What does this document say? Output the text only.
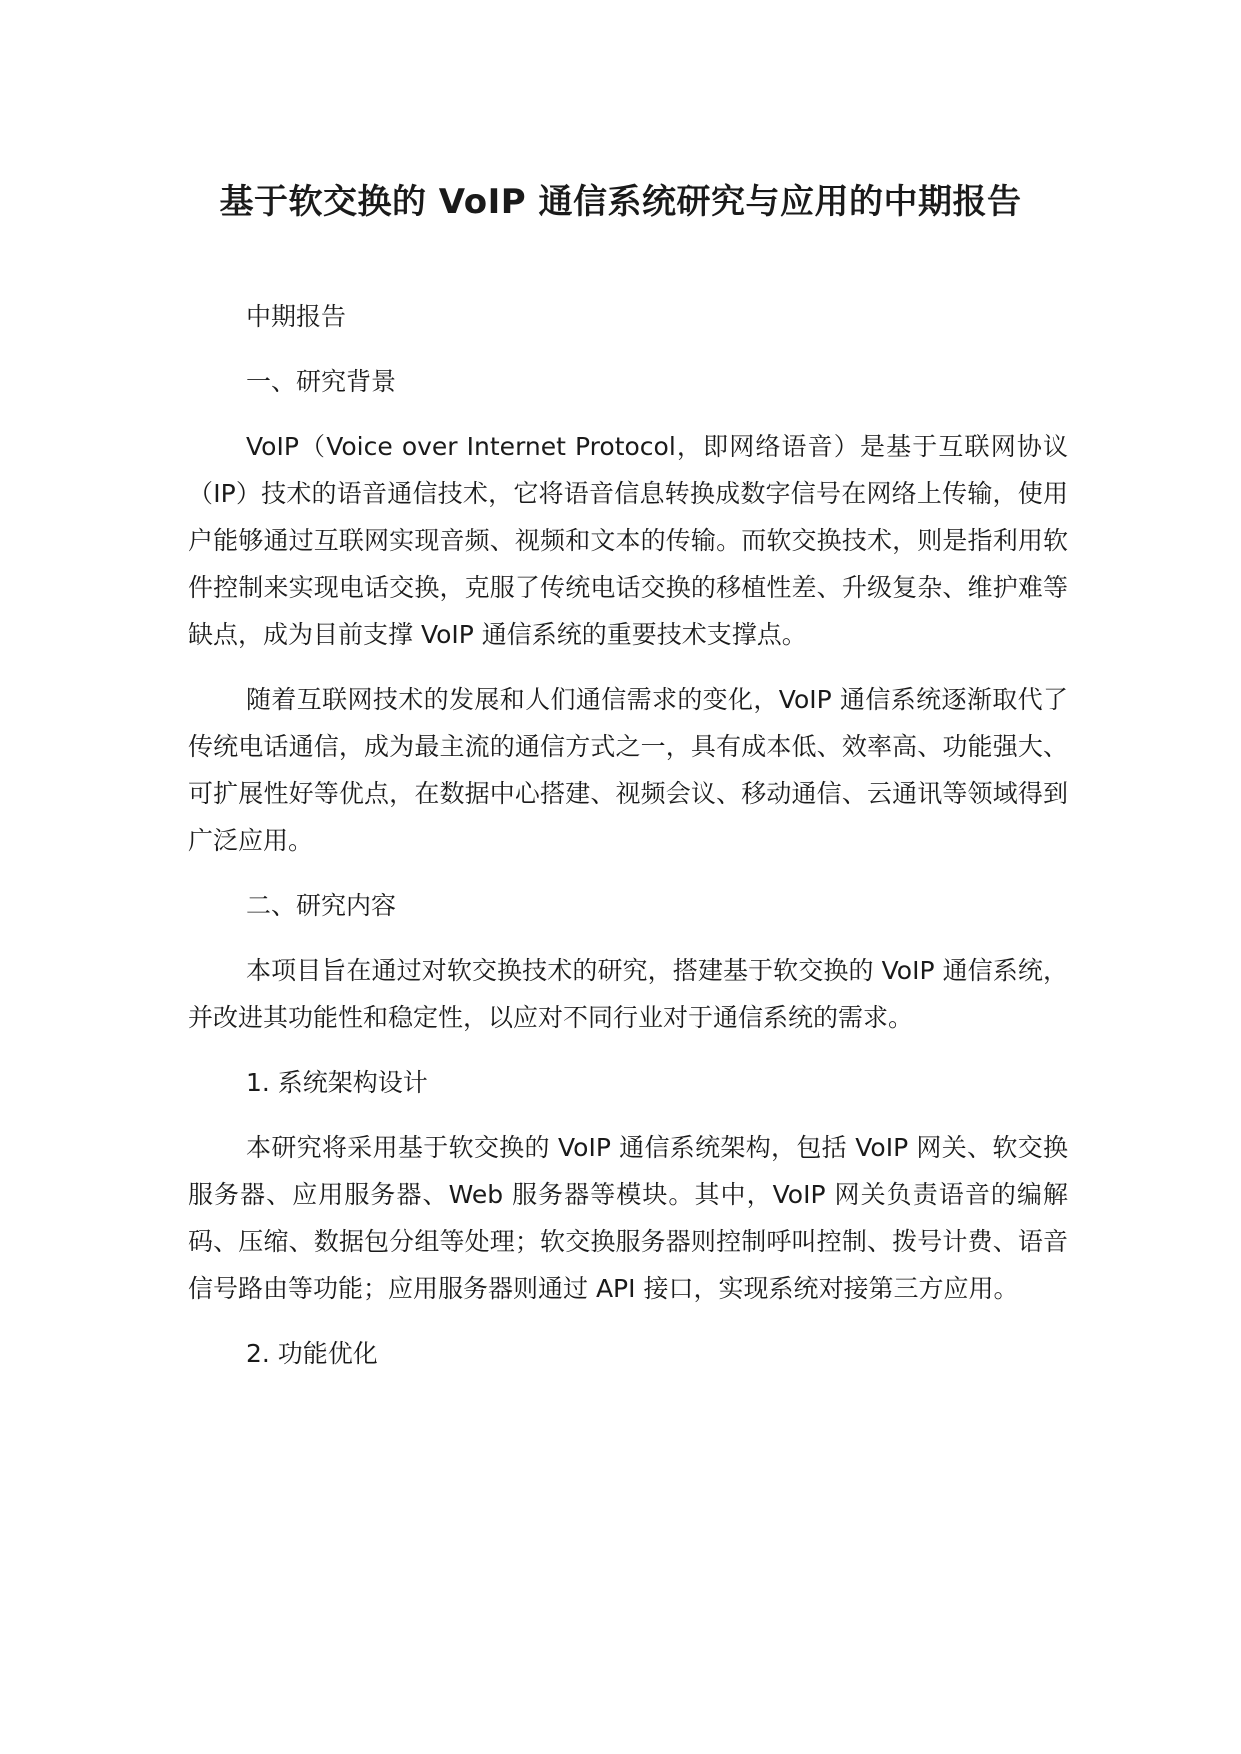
基于软交换的 VoIP 通信系统研究与应用的中期报告

中期报告

一、研究背景

VoIP（Voice over Internet Protocol，即网络语音）是基于互联网协议（IP）技术的语音通信技术，它将语音信息转换成数字信号在网络上传输，使用户能够通过互联网实现音频、视频和文本的传输。而软交换技术，则是指利用软件控制来实现电话交换，克服了传统电话交换的移植性差、升级复杂、维护难等缺点，成为目前支撑 VoIP 通信系统的重要技术支撑点。

随着互联网技术的发展和人们通信需求的变化，VoIP 通信系统逐渐取代了传统电话通信，成为最主流的通信方式之一，具有成本低、效率高、功能强大、可扩展性好等优点，在数据中心搭建、视频会议、移动通信、云通讯等领域得到广泛应用。

二、研究内容

本项目旨在通过对软交换技术的研究，搭建基于软交换的 VoIP 通信系统，并改进其功能性和稳定性，以应对不同行业对于通信系统的需求。

1. 系统架构设计

本研究将采用基于软交换的 VoIP 通信系统架构，包括 VoIP 网关、软交换服务器、应用服务器、Web 服务器等模块。其中，VoIP 网关负责语音的编解码、压缩、数据包分组等处理；软交换服务器则控制呼叫控制、拨号计费、语音信号路由等功能；应用服务器则通过 API 接口，实现系统对接第三方应用。

2. 功能优化
